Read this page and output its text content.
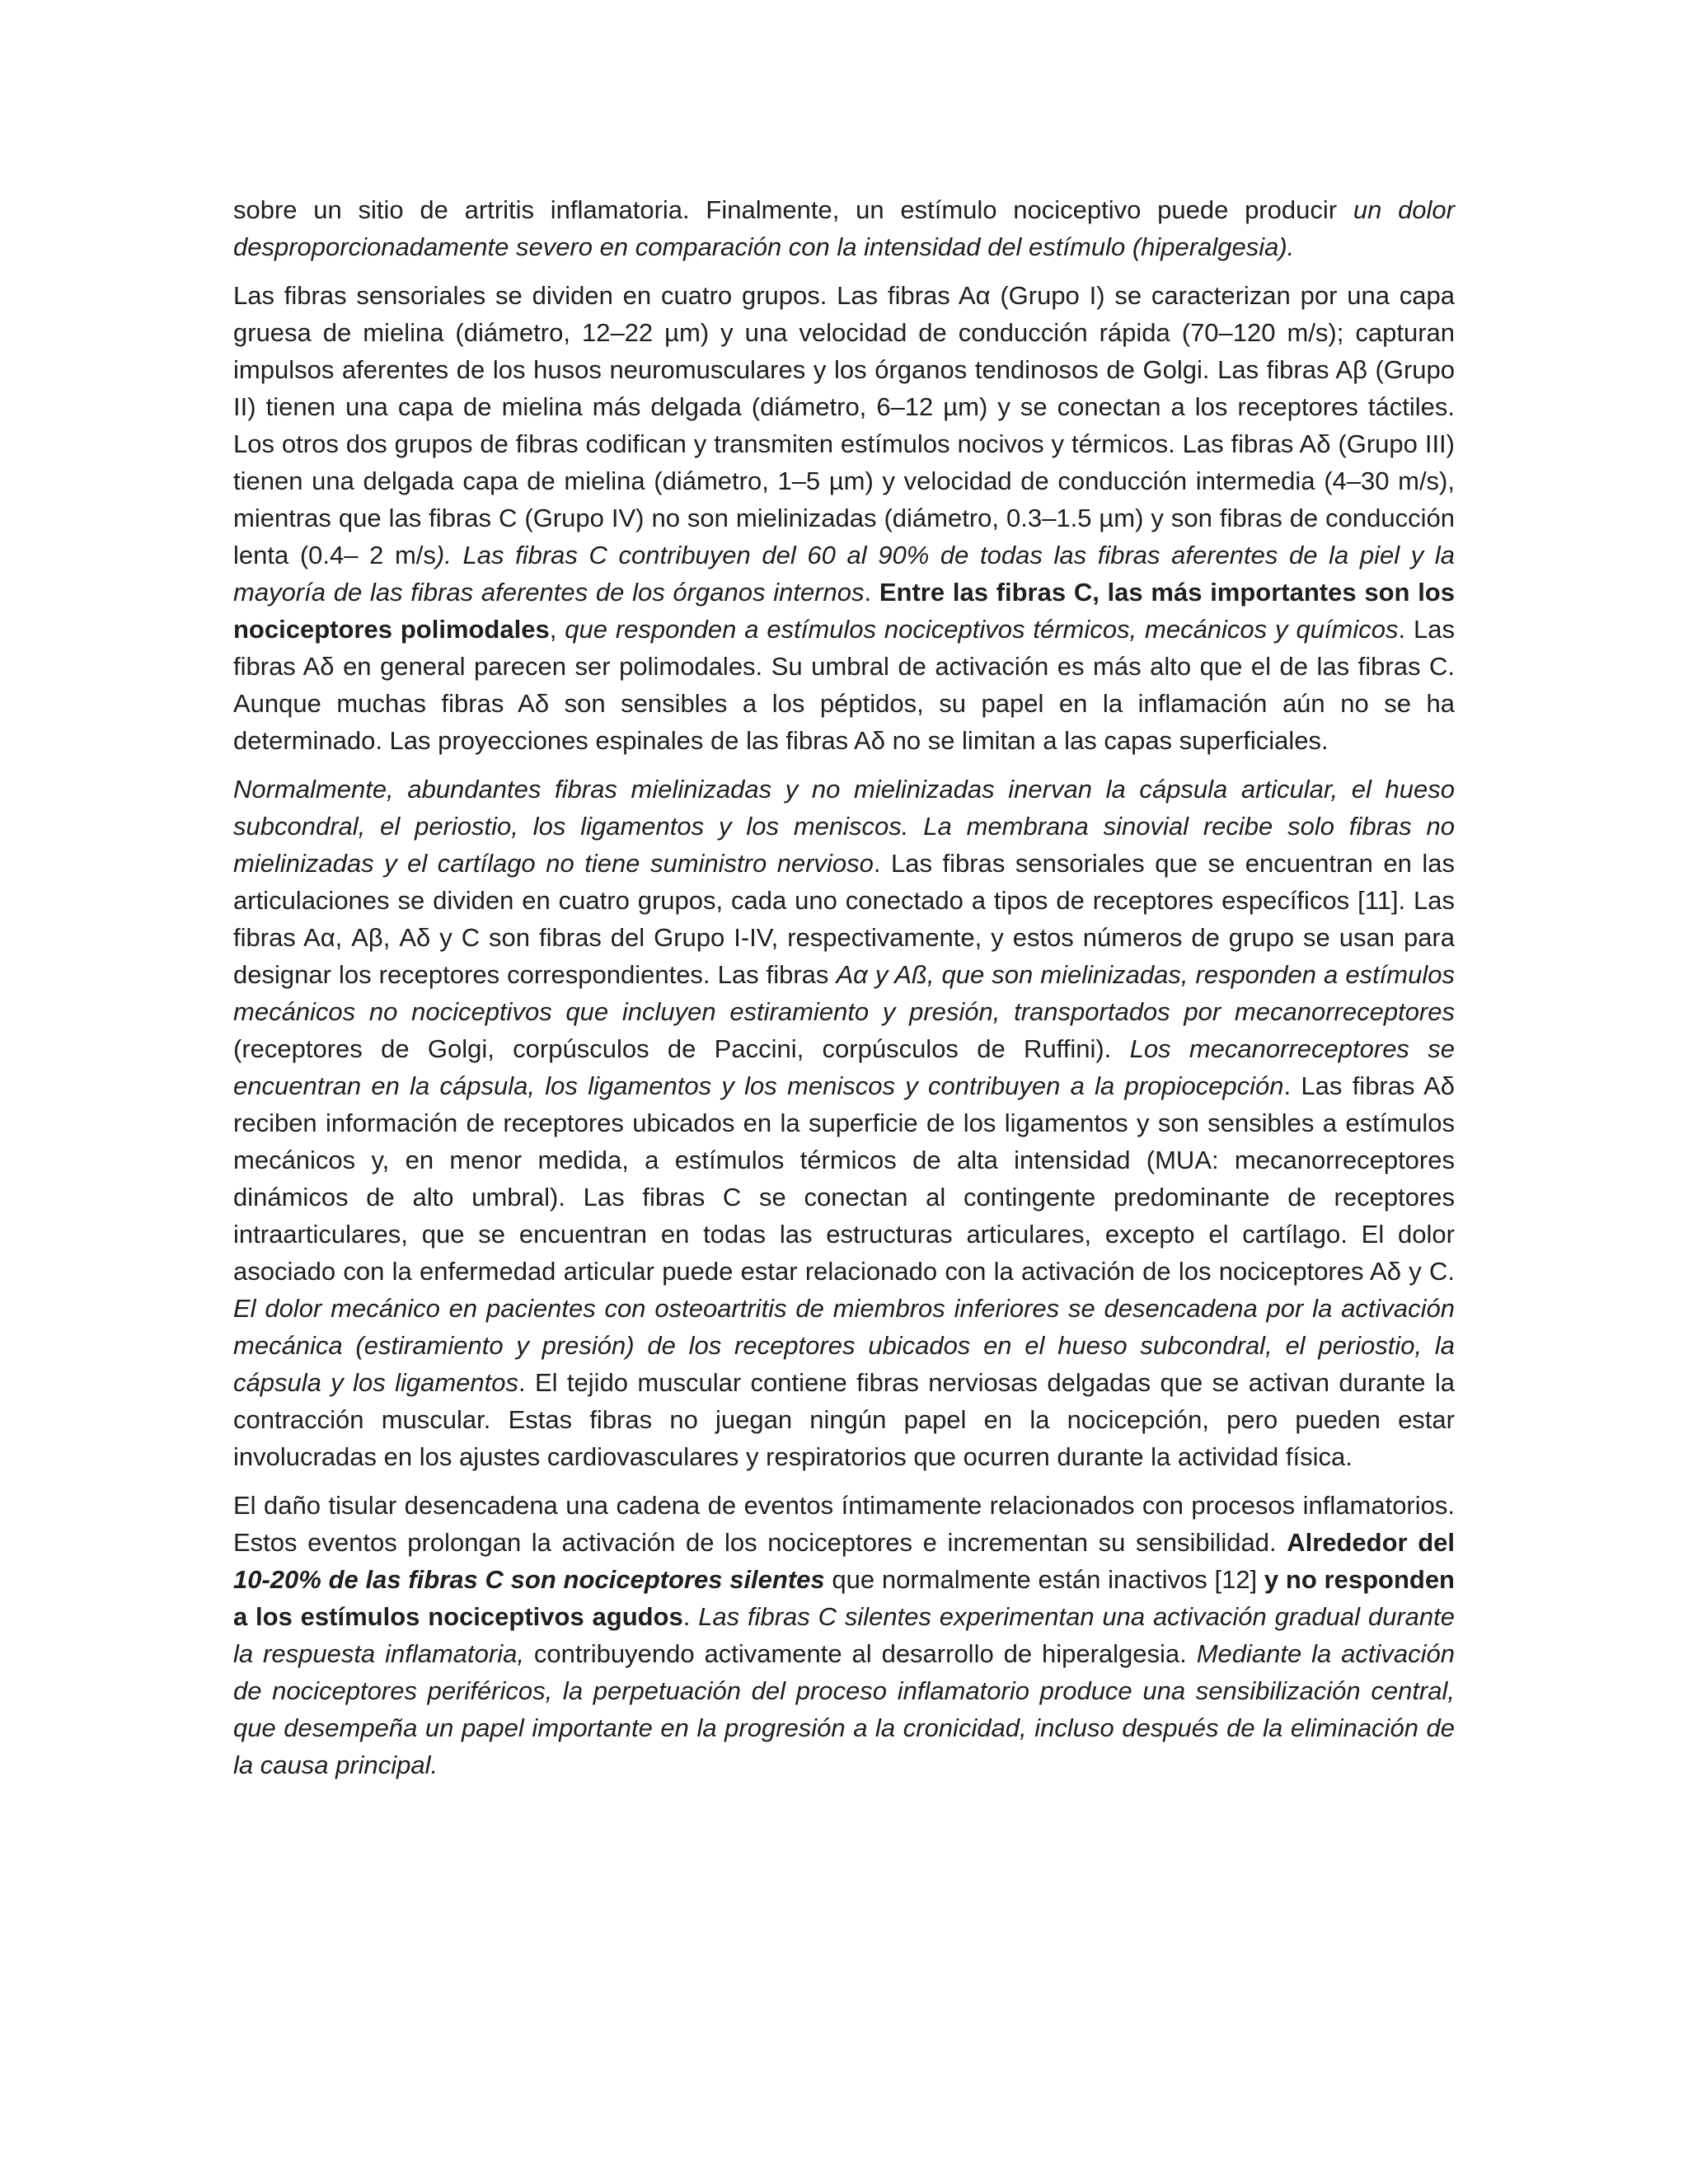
sobre un sitio de artritis inflamatoria. Finalmente, un estímulo nociceptivo puede producir un dolor desproporcionadamente severo en comparación con la intensidad del estímulo (hiperalgesia).

Las fibras sensoriales se dividen en cuatro grupos. Las fibras Aα (Grupo I) se caracterizan por una capa gruesa de mielina (diámetro, 12–22 µm) y una velocidad de conducción rápida (70–120 m/s); capturan impulsos aferentes de los husos neuromusculares y los órganos tendinosos de Golgi. Las fibras Aβ (Grupo II) tienen una capa de mielina más delgada (diámetro, 6–12 µm) y se conectan a los receptores táctiles. Los otros dos grupos de fibras codifican y transmiten estímulos nocivos y térmicos. Las fibras Aδ (Grupo III) tienen una delgada capa de mielina (diámetro, 1–5 µm) y velocidad de conducción intermedia (4–30 m/s), mientras que las fibras C (Grupo IV) no son mielinizadas (diámetro, 0.3–1.5 µm) y son fibras de conducción lenta (0.4– 2 m/s). Las fibras C contribuyen del 60 al 90% de todas las fibras aferentes de la piel y la mayoría de las fibras aferentes de los órganos internos. Entre las fibras C, las más importantes son los nociceptores polimodales, que responden a estímulos nociceptivos térmicos, mecánicos y químicos. Las fibras Aδ en general parecen ser polimodales. Su umbral de activación es más alto que el de las fibras C. Aunque muchas fibras Aδ son sensibles a los péptidos, su papel en la inflamación aún no se ha determinado. Las proyecciones espinales de las fibras Aδ no se limitan a las capas superficiales.

Normalmente, abundantes fibras mielinizadas y no mielinizadas inervan la cápsula articular, el hueso subcondral, el periostio, los ligamentos y los meniscos. La membrana sinovial recibe solo fibras no mielinizadas y el cartílago no tiene suministro nervioso. Las fibras sensoriales que se encuentran en las articulaciones se dividen en cuatro grupos, cada uno conectado a tipos de receptores específicos [11]. Las fibras Aα, Aβ, Aδ y C son fibras del Grupo I-IV, respectivamente, y estos números de grupo se usan para designar los receptores correspondientes. Las fibras Aα y Aß, que son mielinizadas, responden a estímulos mecánicos no nociceptivos que incluyen estiramiento y presión, transportados por mecanorreceptores (receptores de Golgi, corpúsculos de Paccini, corpúsculos de Ruffini). Los mecanorreceptores se encuentran en la cápsula, los ligamentos y los meniscos y contribuyen a la propiocepción. Las fibras Aδ reciben información de receptores ubicados en la superficie de los ligamentos y son sensibles a estímulos mecánicos y, en menor medida, a estímulos térmicos de alta intensidad (MUA: mecanorreceptores dinámicos de alto umbral). Las fibras C se conectan al contingente predominante de receptores intraarticulares, que se encuentran en todas las estructuras articulares, excepto el cartílago. El dolor asociado con la enfermedad articular puede estar relacionado con la activación de los nociceptores Aδ y C. El dolor mecánico en pacientes con osteoartritis de miembros inferiores se desencadena por la activación mecánica (estiramiento y presión) de los receptores ubicados en el hueso subcondral, el periostio, la cápsula y los ligamentos. El tejido muscular contiene fibras nerviosas delgadas que se activan durante la contracción muscular. Estas fibras no juegan ningún papel en la nocicepción, pero pueden estar involucradas en los ajustes cardiovasculares y respiratorios que ocurren durante la actividad física.

El daño tisular desencadena una cadena de eventos íntimamente relacionados con procesos inflamatorios. Estos eventos prolongan la activación de los nociceptores e incrementan su sensibilidad. Alrededor del 10-20% de las fibras C son nociceptores silentes que normalmente están inactivos [12] y no responden a los estímulos nociceptivos agudos. Las fibras C silentes experimentan una activación gradual durante la respuesta inflamatoria, contribuyendo activamente al desarrollo de hiperalgesia. Mediante la activación de nociceptores periféricos, la perpetuación del proceso inflamatorio produce una sensibilización central, que desempeña un papel importante en la progresión a la cronicidad, incluso después de la eliminación de la causa principal.
